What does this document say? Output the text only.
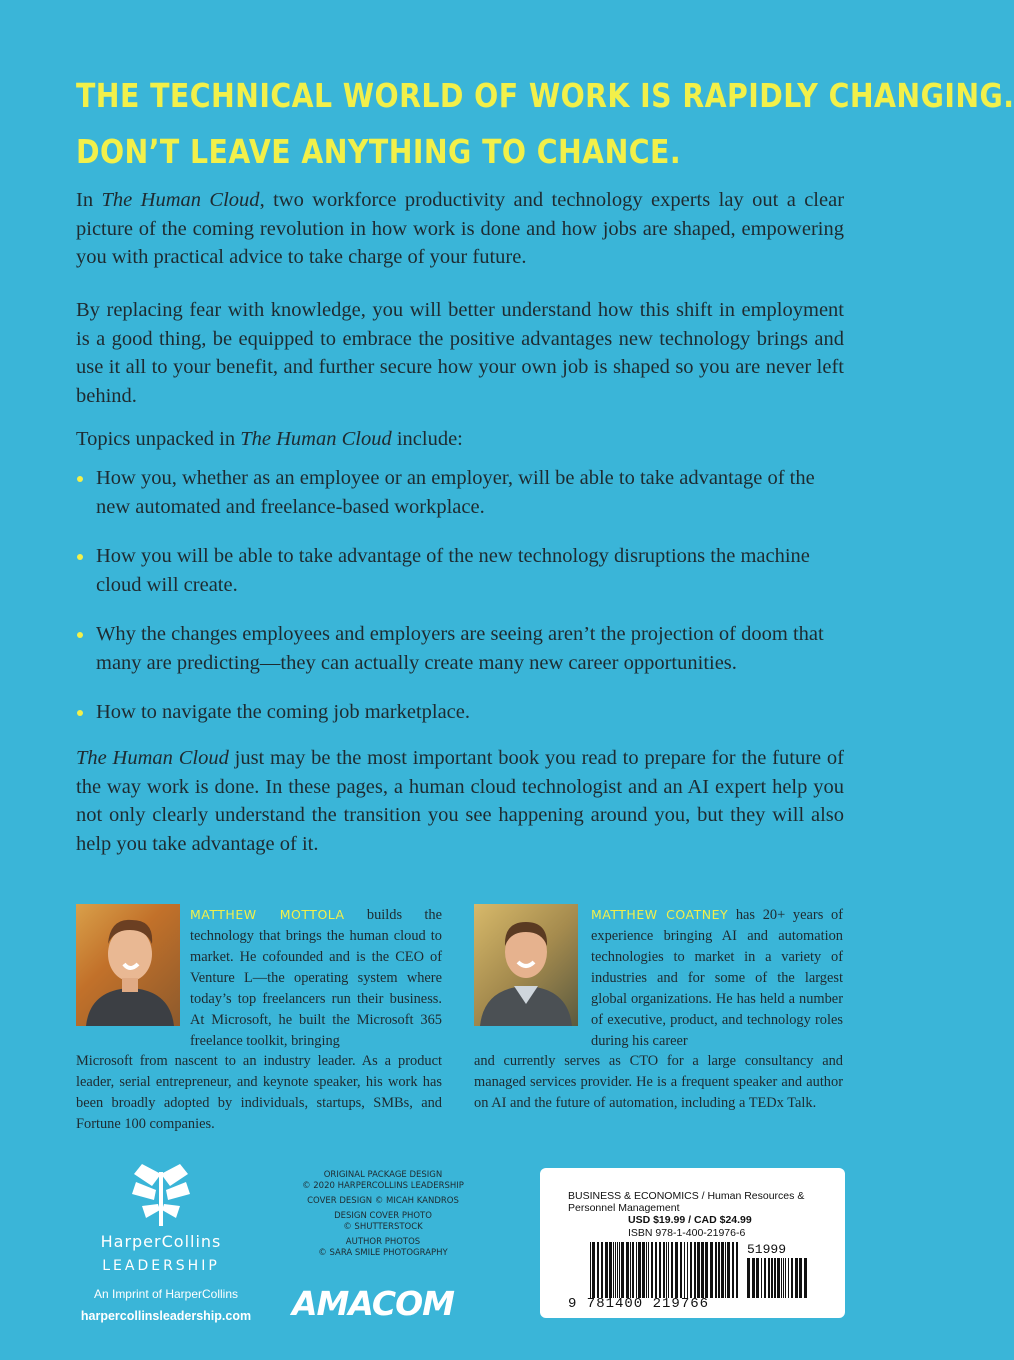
THE TECHNICAL WORLD OF WORK IS RAPIDLY CHANGING.
DON’T LEAVE ANYTHING TO CHANCE.
In The Human Cloud, two workforce productivity and technology experts lay out a clear picture of the coming revolution in how work is done and how jobs are shaped, empowering you with practical advice to take charge of your future.
By replacing fear with knowledge, you will better understand how this shift in employment is a good thing, be equipped to embrace the positive advantages new technology brings and use it all to your benefit, and further secure how your own job is shaped so you are never left behind.
Topics unpacked in The Human Cloud include:
How you, whether as an employee or an employer, will be able to take advantage of the new automated and freelance-based workplace.
How you will be able to take advantage of the new technology disruptions the machine cloud will create.
Why the changes employees and employers are seeing aren’t the projection of doom that many are predicting—they can actually create many new career opportunities.
How to navigate the coming job marketplace.
The Human Cloud just may be the most important book you read to prepare for the future of the way work is done. In these pages, a human cloud technologist and an AI expert help you not only clearly understand the transition you see happening around you, but they will also help you take advantage of it.
MATTHEW MOTTOLA builds the technology that brings the human cloud to market. He cofounded and is the CEO of Venture L—the operating system where today’s top freelancers run their business. At Microsoft, he built the Microsoft 365 freelance toolkit, bringing
Microsoft from nascent to an industry leader. As a product leader, serial entrepreneur, and keynote speaker, his work has been broadly adopted by individuals, startups, SMBs, and Fortune 100 companies.
MATTHEW COATNEY has 20+ years of experience bringing AI and automation technologies to market in a variety of industries and for some of the largest global organizations. He has held a number of executive, product, and technology roles during his career
and currently serves as CTO for a large consultancy and managed services provider. He is a frequent speaker and author on AI and the future of automation, including a TEDx Talk.
HarperCollins
LEADERSHIP
An Imprint of HarperCollins
harpercollinsleadership.com
ORIGINAL PACKAGE DESIGN
© 2020 HARPERCOLLINS LEADERSHIP
COVER DESIGN © MICAH KANDROS
DESIGN COVER PHOTO
© SHUTTERSTOCK
AUTHOR PHOTOS
© SARA SMILE PHOTOGRAPHY
AMACOM
BUSINESS & ECONOMICS / Human Resources & Personnel Management
USD $19.99 / CAD $24.99
ISBN 978-1-400-21976-6
51999
9 781400 219766
